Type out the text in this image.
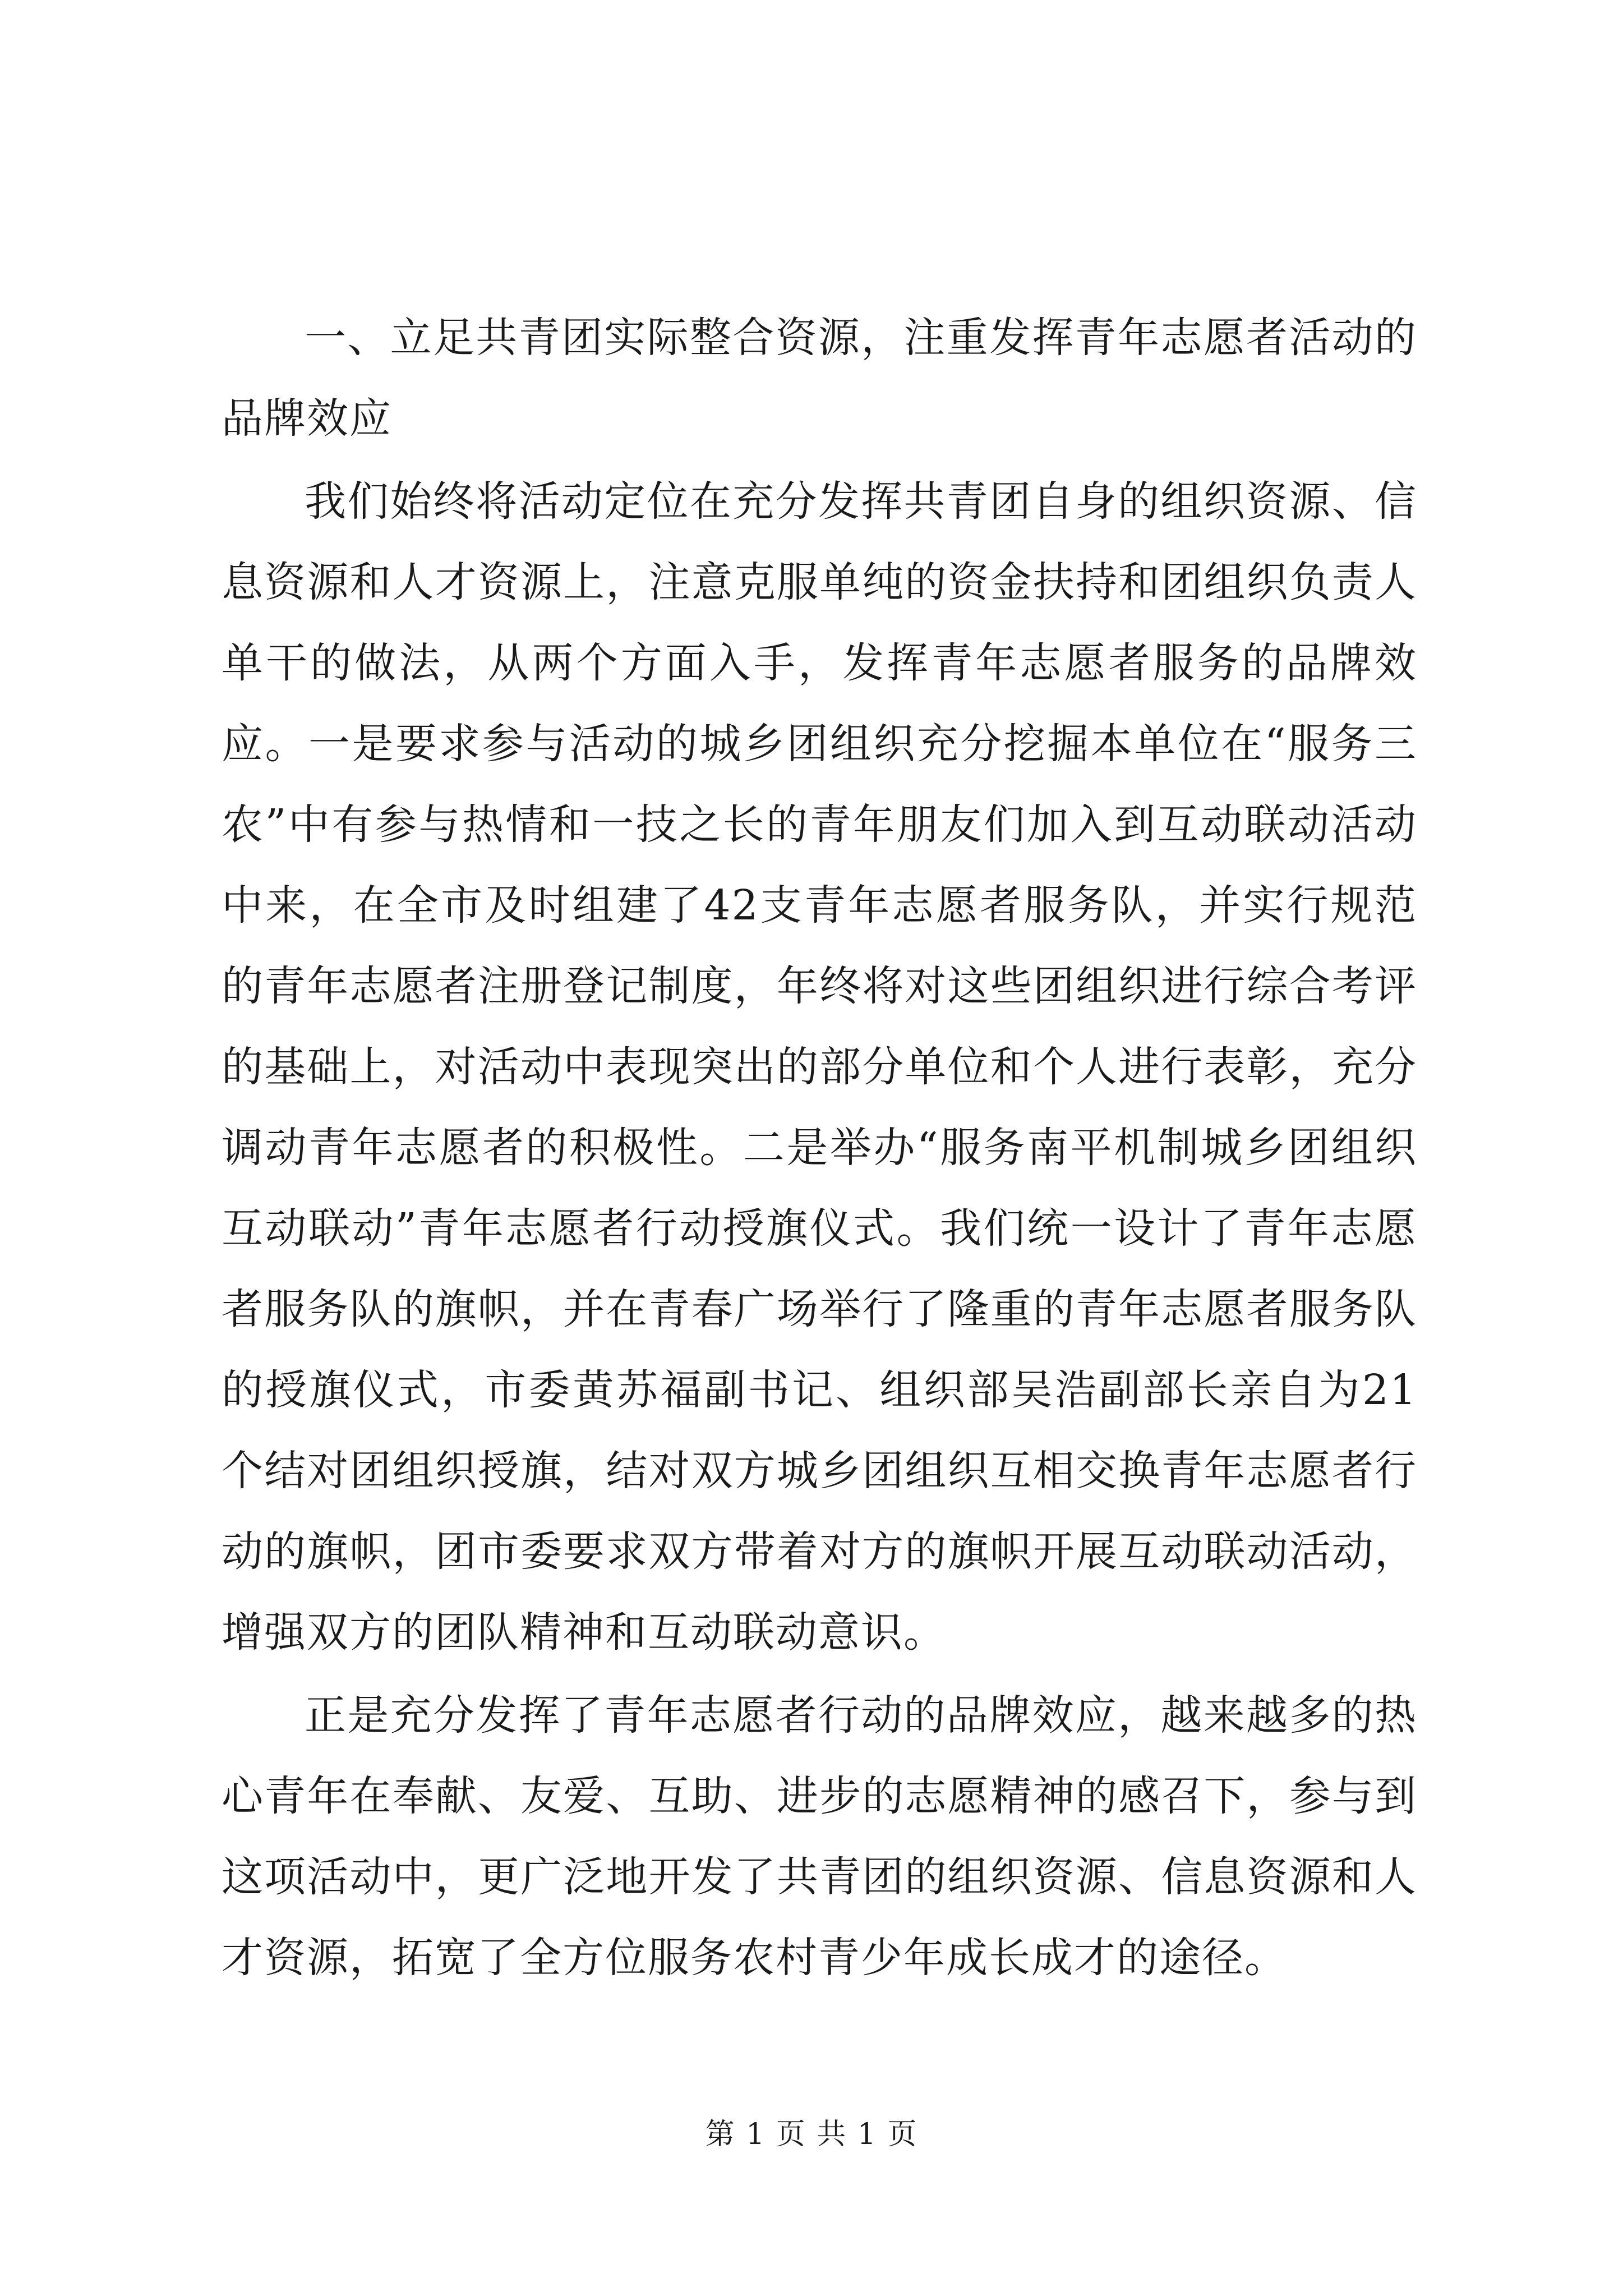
一、立足共青团实际整合资源，注重发挥青年志愿者活动的品牌效应

我们始终将活动定位在充分发挥共青团自身的组织资源、信息资源和人才资源上，注意克服单纯的资金扶持和团组织负责人单干的做法，从两个方面入手，发挥青年志愿者服务的品牌效应。一是要求参与活动的城乡团组织充分挖掘本单位在“服务三农”中有参与热情和一技之长的青年朋友们加入到互动联动活动中来，在全市及时组建了42支青年志愿者服务队，并实行规范的青年志愿者注册登记制度，年终将对这些团组织进行综合考评的基础上，对活动中表现突出的部分单位和个人进行表彰，充分调动青年志愿者的积极性。二是举办“服务南平机制城乡团组织互动联动”青年志愿者行动授旗仪式。我们统一设计了青年志愿者服务队的旗帜，并在青春广场举行了隆重的青年志愿者服务队的授旗仪式，市委黄苏福副书记、组织部吴浩副部长亲自为21个结对团组织授旗，结对双方城乡团组织互相交换青年志愿者行动的旗帜，团市委要求双方带着对方的旗帜开展互动联动活动，增强双方的团队精神和互动联动意识。

正是充分发挥了青年志愿者行动的品牌效应，越来越多的热心青年在奉献、友爱、互助、进步的志愿精神的感召下，参与到这项活动中，更广泛地开发了共青团的组织资源、信息资源和人才资源，拓宽了全方位服务农村青少年成长成才的途径。

第 1 页 共 1 页
